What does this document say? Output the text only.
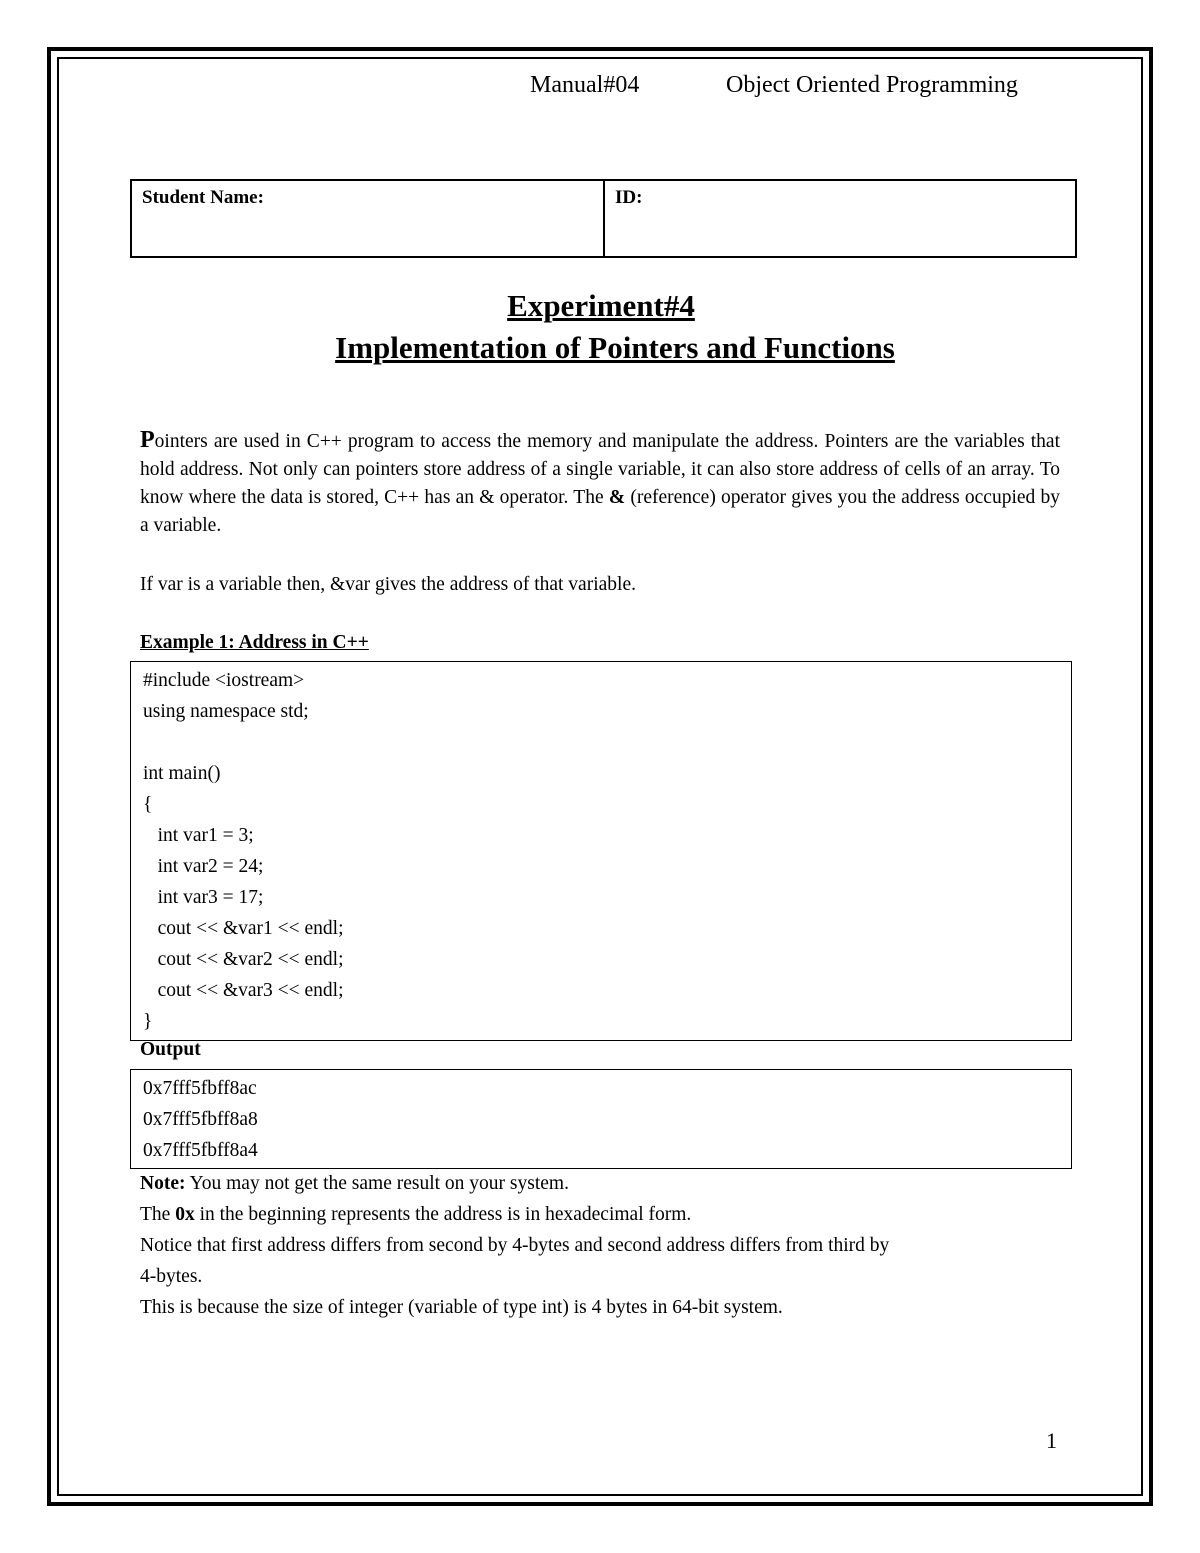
Manual#04	Object Oriented Programming
Student Name:	ID:
Experiment#4
Implementation of Pointers and Functions
Pointers are used in C++ program to access the memory and manipulate the address. Pointers are the variables that hold address. Not only can pointers store address of a single variable, it can also store address of cells of an array. To know where the data is stored, C++ has an & operator. The & (reference) operator gives you the address occupied by a variable.
If var is a variable then, &var gives the address of that variable.
Example 1: Address in C++
#include <iostream>
using namespace std;
int main()
{
int var1 = 3;
int var2 = 24;
int var3 = 17;
cout << &var1 << endl;
cout << &var2 << endl;
cout << &var3 << endl;
}
Output
0x7fff5fbff8ac
0x7fff5fbff8a8
0x7fff5fbff8a4
Note: You may not get the same result on your system.
The 0x in the beginning represents the address is in hexadecimal form.
Notice that first address differs from second by 4-bytes and second address differs from third by
4-bytes.
This is because the size of integer (variable of type int) is 4 bytes in 64-bit system.
1
